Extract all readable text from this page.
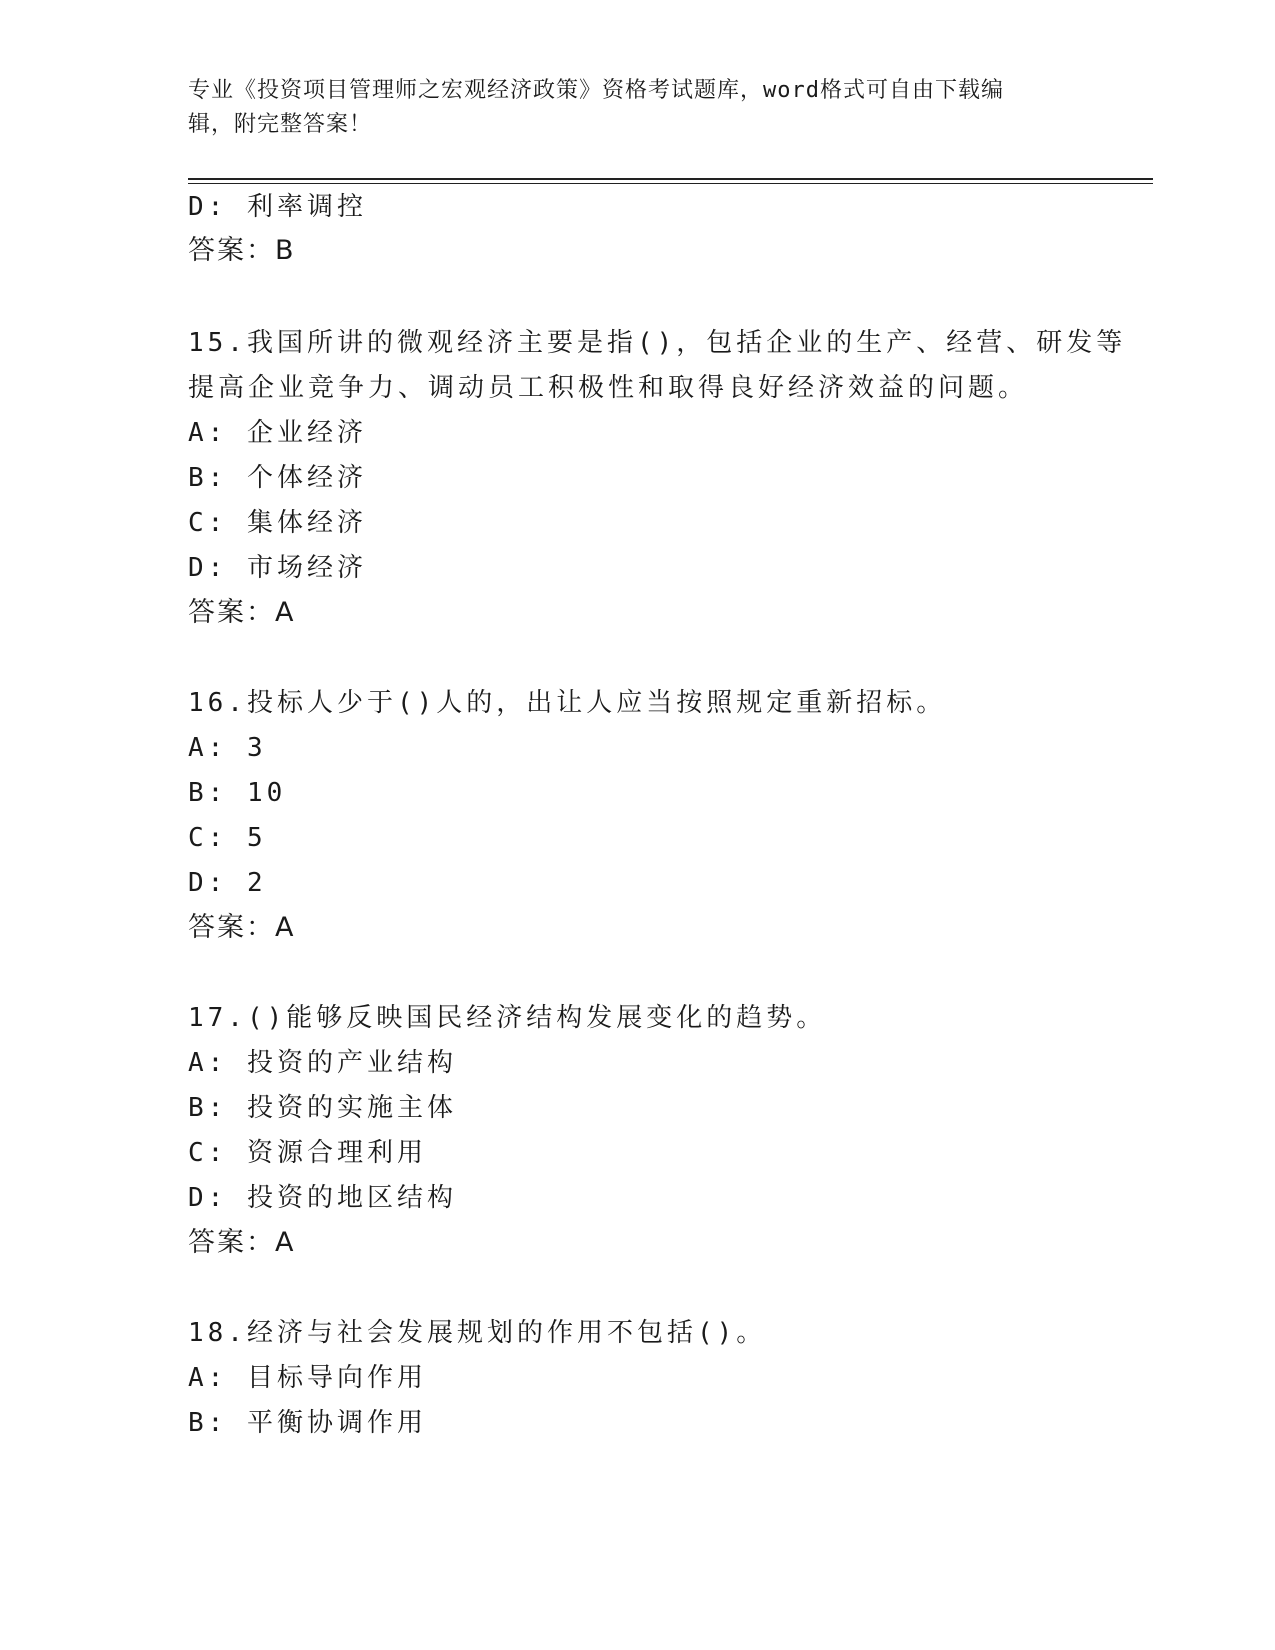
专业《投资项目管理师之宏观经济政策》资格考试题库，word格式可自由下载编
辑，附完整答案！
D: 利率调控
答案：B
15.我国所讲的微观经济主要是指()，包括企业的生产、经营、研发等
提高企业竞争力、调动员工积极性和取得良好经济效益的问题。
A: 企业经济
B: 个体经济
C: 集体经济
D: 市场经济
答案：A
16.投标人少于()人的，出让人应当按照规定重新招标。
A: 3
B: 10
C: 5
D: 2
答案：A
17.()能够反映国民经济结构发展变化的趋势。
A: 投资的产业结构
B: 投资的实施主体
C: 资源合理利用
D: 投资的地区结构
答案：A
18.经济与社会发展规划的作用不包括()。
A: 目标导向作用
B: 平衡协调作用
